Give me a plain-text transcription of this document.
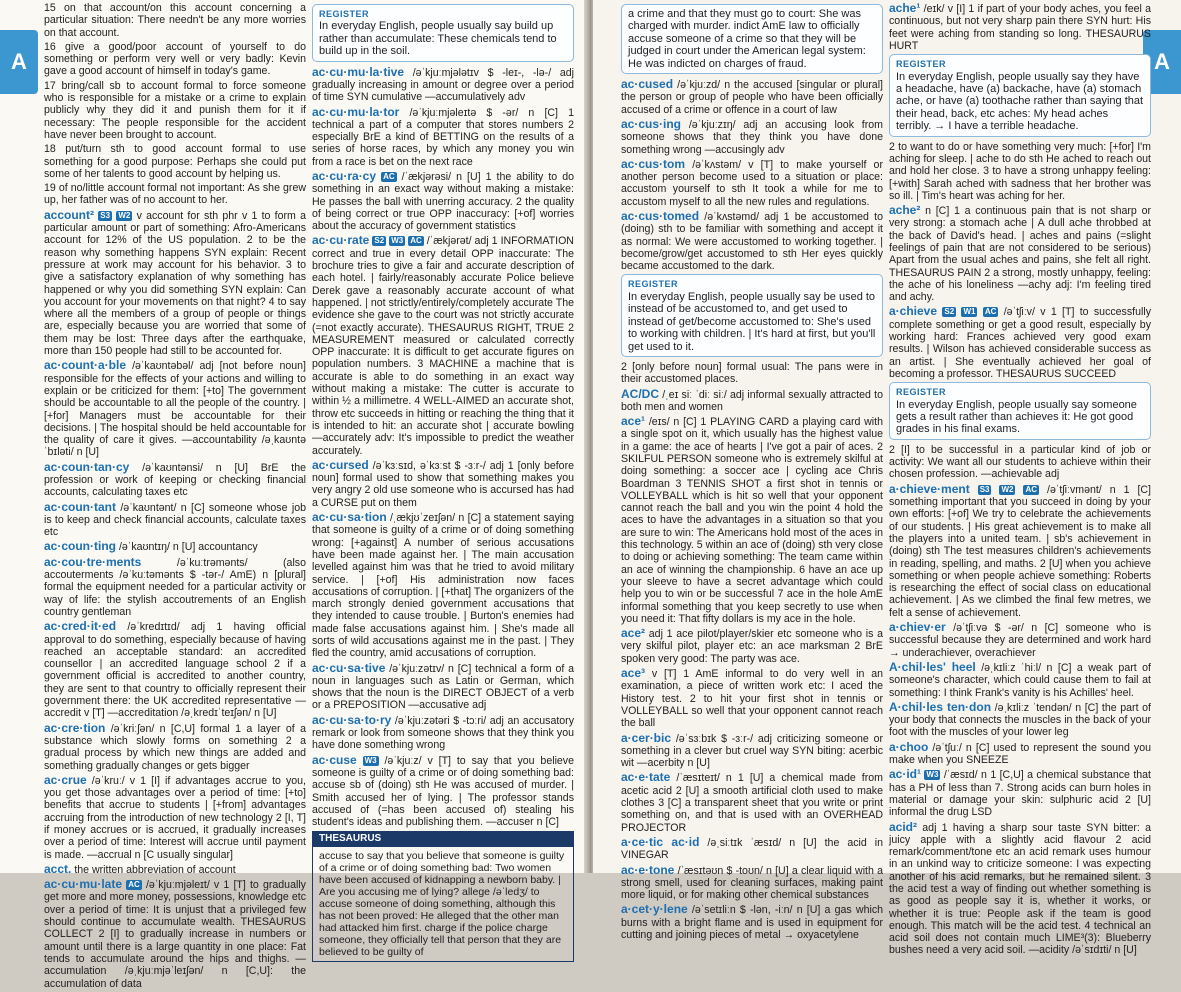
A

15 on that account/on this account concerning a particular situation: There needn't be any more worries on that account.

16 give a good/poor account of yourself to do something or perform very well or very badly: Kevin gave a good account of himself in today's game.

17 bring/call sb to account formal to force someone who is responsible for a mistake or a crime to explain publicly why they did it and punish them for it if necessary: The people responsible for the accident have never been brought to account.

18 put/turn sth to good account formal to use something for a good purpose: Perhaps she could put some of her talents to good account by helping us.

19 of no/little account formal not important: As she grew up, her father was of no account to her.

account² S3 W2 v account for sth phr v 1 to form a particular amount or part of something: Afro-Americans account for 12% of the US population. 2 to be the reason why something happens SYN explain: Recent pressure at work may account for his behavior. 3 to give a satisfactory explanation of why something has happened or why you did something SYN explain: Can you account for your movements on that night? 4 to say where all the members of a group of people or things are, especially because you are worried that some of them may be lost: Three days after the earthquake, more than 150 people had still to be accounted for.

ac·count·a·ble /əˈkaʊntəbəl/ adj [not before noun] responsible for the effects of your actions and willing to explain or be criticized for them: [+to] The government should be accountable to all the people of the country. | [+for] Managers must be accountable for their decisions. | The hospital should be held accountable for the quality of care it gives. —accountability /əˌkaʊntəˈbɪləti/ n [U]

ac·coun·tan·cy /əˈkaʊntənsi/ n [U] BrE the profession or work of keeping or checking financial accounts, calculating taxes etc

ac·coun·tant /əˈkaʊntənt/ n [C] someone whose job is to keep and check financial accounts, calculate taxes etc

ac·coun·ting /əˈkaʊntɪŋ/ n [U] accountancy

ac·cou·tre·ments	/əˈkuːtrəmənts/ (also accouterments /əˈkuːtəmənts $ -tər-/ AmE) n [plural] formal the equipment needed for a particular activity or way of life: the stylish accoutrements of an English country gentleman

ac·cred·it·ed /əˈkredɪtɪd/ adj 1 having official approval to do something, especially because of having reached an acceptable standard: an accredited counsellor | an accredited language school 2 if a government official is accredited to another country, they are sent to that country to officially represent their government there: the UK accredited representative —accredit v [T] —accreditation /əˌkredɪˈteɪʃən/ n [U]

ac·cre·tion /əˈkriːʃən/ n [C,U] formal 1 a layer of a substance which slowly forms on something 2 a gradual process by which new things are added and something gradually changes or gets bigger

ac·crue /əˈkruː/ v 1 [I] if advantages accrue to you, you get those advantages over a period of time: [+to] benefits that accrue to students | [+from] advantages accruing from the introduction of new technology 2 [I, T] if money accrues or is accrued, it gradually increases over a period of time: Interest will accrue until payment is made. —accrual n [C usually singular]

acct. the written abbreviation of account

ac·cu·mu·late AC /əˈkjuːmjəleɪt/ v 1 [T] to gradually get more and more money, possessions, knowledge etc over a period of time: It is unjust that a privileged few should continue to accumulate wealth. THESAURUS COLLECT 2 [I] to gradually increase in numbers or amount until there is a large quantity in one place: Fat tends to accumulate around the hips and thighs. —accumulation /əˌkjuːmjəˈleɪʃən/ n [C,U]: the accumulation of data

REGISTER
In everyday English, people usually say build up rather than accumulate: These chemicals tend to build up in the soil.

ac·cu·mu·la·tive /əˈkjuːmjələtɪv $ -leɪ-, -lə-/ adj gradually increasing in amount or degree over a period of time SYN cumulative —accumulatively adv

ac·cu·mu·la·tor /əˈkjuːmjəleɪtə $ -ər/ n [C] 1 technical a part of a computer that stores numbers 2 especially BrE a kind of BETTING on the results of a series of horse races, by which any money you win from a race is bet on the next race

ac·cu·ra·cy AC /ˈækjərəsi/ n [U] 1 the ability to do something in an exact way without making a mistake: He passes the ball with unerring accuracy. 2 the quality of being correct or true OPP inaccuracy: [+of] worries about the accuracy of government statistics

ac·cu·rate S2 W3 AC /ˈækjərət/ adj 1 INFORMATION correct and true in every detail OPP inaccurate: The brochure tries to give a fair and accurate description of each hotel. | fairly/reasonably accurate Police believe Derek gave a reasonably accurate account of what happened. | not strictly/entirely/completely accurate The evidence she gave to the court was not strictly accurate (=not exactly accurate). THESAURUS RIGHT, TRUE 2 MEASUREMENT measured or calculated correctly OPP inaccurate: It is difficult to get accurate figures on population numbers. 3 MACHINE a machine that is accurate is able to do something in an exact way without making a mistake: The cutter is accurate to within ½ a millimetre. 4 WELL-AIMED an accurate shot, throw etc succeeds in hitting or reaching the thing that it is intended to hit: an accurate shot | accurate bowling —accurately adv: It's impossible to predict the weather accurately.

ac·cursed /əˈkɜːsɪd, əˈkɜːst $ -ɜːr-/ adj 1 [only before noun] formal used to show that something makes you very angry 2 old use someone who is accursed has had a CURSE put on them

ac·cu·sa·tion /ˌækjʊˈzeɪʃən/ n [C] a statement saying that someone is guilty of a crime or of doing something wrong: [+against] A number of serious accusations have been made against her. | The main accusation levelled against him was that he tried to avoid military service. | [+of] His administration now faces accusations of corruption. | [+that] The organizers of the march strongly denied government accusations that they intended to cause trouble. | Burton's enemies had made false accusations against him. | She's made all sorts of wild accusations against me in the past. | They fled the country, amid accusations of corruption.

ac·cu·sa·tive /əˈkjuːzətɪv/ n [C] technical a form of a noun in languages such as Latin or German, which shows that the noun is the DIRECT OBJECT of a verb or a PREPOSITION —accusative adj

ac·cu·sa·to·ry /əˈkjuːzətəri $ -tɔːri/ adj an accusatory remark or look from someone shows that they think you have done something wrong

ac·cuse W3 /əˈkjuːz/ v [T] to say that you believe someone is guilty of a crime or of doing something bad: accuse sb of (doing) sth He was accused of murder. | Smith accused her of lying. | The professor stands accused of (=has been accused of) stealing his student's ideas and publishing them. —accuser n [C]

THESAURUS
accuse to say that you believe that someone is guilty of a crime or of doing something bad: Two women have been accused of kidnapping a newborn baby. | Are you accusing me of lying? allege /əˈledʒ/ to accuse someone of doing something, although this has not been proved: He alleged that the other man had attacked him first. charge if the police charge someone, they officially tell that person that they are believed to be guilty of
A
a crime and that they must go to court: She was charged with murder. indict AmE law to officially accuse someone of a crime so that they will be judged in court under the American legal system: He was indicted on charges of fraud.

ac·cused /əˈkjuːzd/ n the accused [singular or plural] the person or group of people who have been officially accused of a crime or offence in a court of law

ac·cus·ing /əˈkjuːzɪŋ/ adj an accusing look from someone shows that they think you have done something wrong —accusingly adv

ac·cus·tom /əˈkʌstəm/ v [T] to make yourself or another person become used to a situation or place: accustom yourself to sth It took a while for me to accustom myself to all the new rules and regulations.

ac·cus·tomed /əˈkʌstəmd/ adj 1 be accustomed to (doing) sth to be familiar with something and accept it as normal: We were accustomed to working together. | become/grow/get accustomed to sth Her eyes quickly became accustomed to the dark.

REGISTER
In everyday English, people usually say be used to instead of be accustomed to, and get used to instead of get/become accustomed to: She's used to working with children. | It's hard at first, but you'll get used to it.

2 [only before noun] formal usual: The pans were in their accustomed places.

AC/DC /ˌeɪ siː ˈdiː siː/ adj informal sexually attracted to both men and women

ace¹ /eɪs/ n [C] 1 PLAYING CARD a playing card with a single spot on it, which usually has the highest value in a game: the ace of hearts | I've got a pair of aces. 2 SKILFUL PERSON someone who is extremely skilful at doing something: a soccer ace | cycling ace Chris Boardman 3 TENNIS SHOT a first shot in tennis or VOLLEYBALL which is hit so well that your opponent cannot reach the ball and you win the point 4 hold the aces to have the advantages in a situation so that you are sure to win: The Americans hold most of the aces in this technology. 5 within an ace of (doing) sth very close to doing or achieving something: The team came within an ace of winning the championship. 6 have an ace up your sleeve to have a secret advantage which could help you to win or be successful 7 ace in the hole AmE informal something that you keep secretly to use when you need it: That fifty dollars is my ace in the hole.

ace² adj 1 ace pilot/player/skier etc someone who is a very skilful pilot, player etc: an ace marksman 2 BrE spoken very good: The party was ace.

ace³ v [T] 1 AmE informal to do very well in an examination, a piece of written work etc: I aced the History test. 2 to hit your first shot in tennis or VOLLEYBALL so well that your opponent cannot reach the ball

a·cer·bic /əˈsɜːbɪk $ -ɜːr-/ adj criticizing someone or something in a clever but cruel way SYN biting: acerbic wit —acerbity n [U]

ac·e·tate /ˈæsɪteɪt/ n 1 [U] a chemical made from acetic acid 2 [U] a smooth artificial cloth used to make clothes 3 [C] a transparent sheet that you write or print something on, and that is used with an OVERHEAD PROJECTOR

a·ce·tic ac·id /əˌsiːtɪk ˈæsɪd/ n [U] the acid in VINEGAR

ac·e·tone /ˈæsɪtəʊn $ -toʊn/ n [U] a clear liquid with a strong smell, used for cleaning surfaces, making paint more liquid, or for making other chemical substances

a·cet·y·lene /əˈsetɪliːn $ -lən, -iːn/ n [U] a gas which burns with a bright flame and is used in equipment for cutting and joining pieces of metal → oxyacetylene

ache¹ /eɪk/ v [I] 1 if part of your body aches, you feel a continuous, but not very sharp pain there SYN hurt: His feet were aching from standing so long. THESAURUS HURT

REGISTER
In everyday English, people usually say they have a headache, have (a) backache, have (a) stomach ache, or have (a) toothache rather than saying that their head, back, etc aches: My head aches terribly. → I have a terrible headache.

2 to want to do or have something very much: [+for] I'm aching for sleep. | ache to do sth He ached to reach out and hold her close. 3 to have a strong unhappy feeling: [+with] Sarah ached with sadness that her brother was so ill. | Tim's heart was aching for her.

ache² n [C] 1 a continuous pain that is not sharp or very strong: a stomach ache | A dull ache throbbed at the back of David's head. | aches and pains (=slight feelings of pain that are not considered to be serious) Apart from the usual aches and pains, she felt all right. THESAURUS PAIN 2 a strong, mostly unhappy, feeling: the ache of his loneliness —achy adj: I'm feeling tired and achy.

a·chieve S2 W1 AC /əˈtʃiːv/ v 1 [T] to successfully complete something or get a good result, especially by working hard: Frances achieved very good exam results. | Wilson has achieved considerable success as an artist. | She eventually achieved her goal of becoming a professor. THESAURUS SUCCEED

REGISTER
In everyday English, people usually say someone gets a result rather than achieves it: He got good grades in his final exams.

2 [I] to be successful in a particular kind of job or activity: We want all our students to achieve within their chosen profession. —achievable adj

a·chieve·ment S3 W2 AC /əˈtʃiːvmənt/ n 1 [C] something important that you succeed in doing by your own efforts: [+of] We try to celebrate the achievements of our students. | His great achievement is to make all the players into a united team. | sb's achievement in (doing) sth The test measures children's achievements in reading, spelling, and maths. 2 [U] when you achieve something or when people achieve something: Roberts is researching the effect of social class on educational achievement. | As we climbed the final few metres, we felt a sense of achievement.

a·chiev·er /əˈtʃiːvə $ -ər/ n [C] someone who is successful because they are determined and work hard → underachiever, overachiever

A·chil·les' heel /əˌkɪliːz ˈhiːl/ n [C] a weak part of someone's character, which could cause them to fail at something: I think Frank's vanity is his Achilles' heel.

A·chil·les ten·don /əˌkɪliːz ˈtendən/ n [C] the part of your body that connects the muscles in the back of your foot with the muscles of your lower leg

a·choo /əˈtʃuː/ n [C] used to represent the sound you make when you SNEEZE

ac·id¹ W3 /ˈæsɪd/ n 1 [C,U] a chemical substance that has a PH of less than 7. Strong acids can burn holes in material or damage your skin: sulphuric acid 2 [U] informal the drug LSD

acid² adj 1 having a sharp sour taste SYN bitter: a juicy apple with a slightly acid flavour 2 acid remark/comment/tone etc an acid remark uses humour in an unkind way to criticize someone: I was expecting another of his acid remarks, but he remained silent. 3 the acid test a way of finding out whether something is as good as people say it is, whether it works, or whether it is true: People ask if the team is good enough. This match will be the acid test. 4 technical an acid soil does not contain much LIME³(3): Blueberry bushes need a very acid soil. —acidity /əˈsɪdɪti/ n [U]
